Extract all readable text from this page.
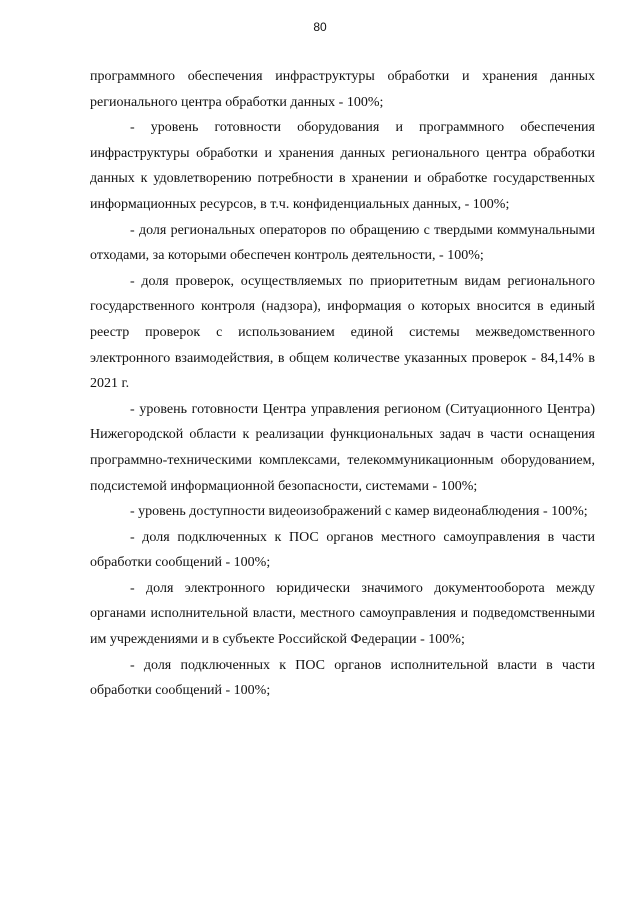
80

программного обеспечения инфраструктуры обработки и хранения данных регионального центра обработки данных - 100%;

- уровень готовности оборудования и программного обеспечения инфраструктуры обработки и хранения данных регионального центра обработки данных к удовлетворению потребности в хранении и обработке государственных информационных ресурсов, в т.ч. конфиденциальных данных, - 100%;

- доля региональных операторов по обращению с твердыми коммунальными отходами, за которыми обеспечен контроль деятельности, - 100%;

- доля проверок, осуществляемых по приоритетным видам регионального государственного контроля (надзора), информация о которых вносится в единый реестр проверок с использованием единой системы межведомственного электронного взаимодействия, в общем количестве указанных проверок - 84,14% в 2021 г.

- уровень готовности Центра управления регионом (Ситуационного Центра) Нижегородской области к реализации функциональных задач в части оснащения программно-техническими комплексами, телекоммуникационным оборудованием, подсистемой информационной безопасности, системами - 100%;

- уровень доступности видеоизображений с камер видеонаблюдения - 100%;

- доля подключенных к ПОС органов местного самоуправления в части обработки сообщений - 100%;

- доля электронного юридически значимого документооборота между органами исполнительной власти, местного самоуправления и подведомственными им учреждениями и в субъекте Российской Федерации - 100%;

- доля подключенных к ПОС органов исполнительной власти в части обработки сообщений - 100%;
